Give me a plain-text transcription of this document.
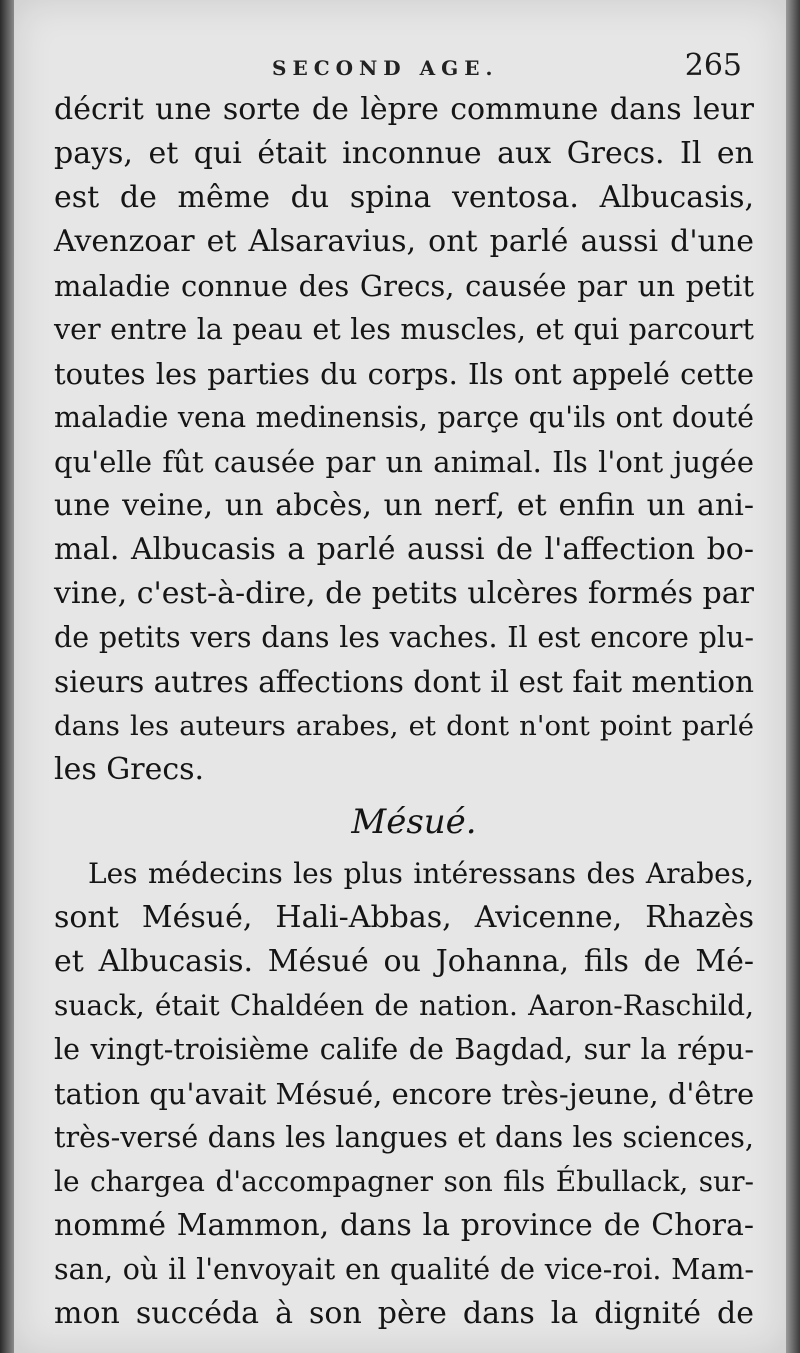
SECOND AGE.	265
décrit une sorte de lèpre commune dans leur
pays, et qui était inconnue aux Grecs. Il en
est de même du spina ventosa. Albucasis,
Avenzoar et Alsaravius, ont parlé aussi d'une
maladie connue des Grecs, causée par un petit
ver entre la peau et les muscles, et qui parcourt
toutes les parties du corps. Ils ont appelé cette
maladie vena medinensis, parçe qu'ils ont douté
qu'elle fût causée par un animal. Ils l'ont jugée
une veine, un abcès, un nerf, et enfin un ani-
mal. Albucasis a parlé aussi de l'affection bo-
vine, c'est-à-dire, de petits ulcères formés par
de petits vers dans les vaches. Il est encore plu-
sieurs autres affections dont il est fait mention
dans les auteurs arabes, et dont n'ont point parlé
les Grecs.
Mésué.
Les médecins les plus intéressans des Arabes,
sont Mésué, Hali-Abbas, Avicenne, Rhazès
et Albucasis. Mésué ou Johanna, fils de Mé-
suack, était Chaldéen de nation. Aaron-Raschild,
le vingt-troisième calife de Bagdad, sur la répu-
tation qu'avait Mésué, encore très-jeune, d'être
très-versé dans les langues et dans les sciences,
le chargea d'accompagner son fils Ébullack, sur-
nommé Mammon, dans la province de Chora-
san, où il l'envoyait en qualité de vice-roi. Mam-
mon succéda à son père dans la dignité de
